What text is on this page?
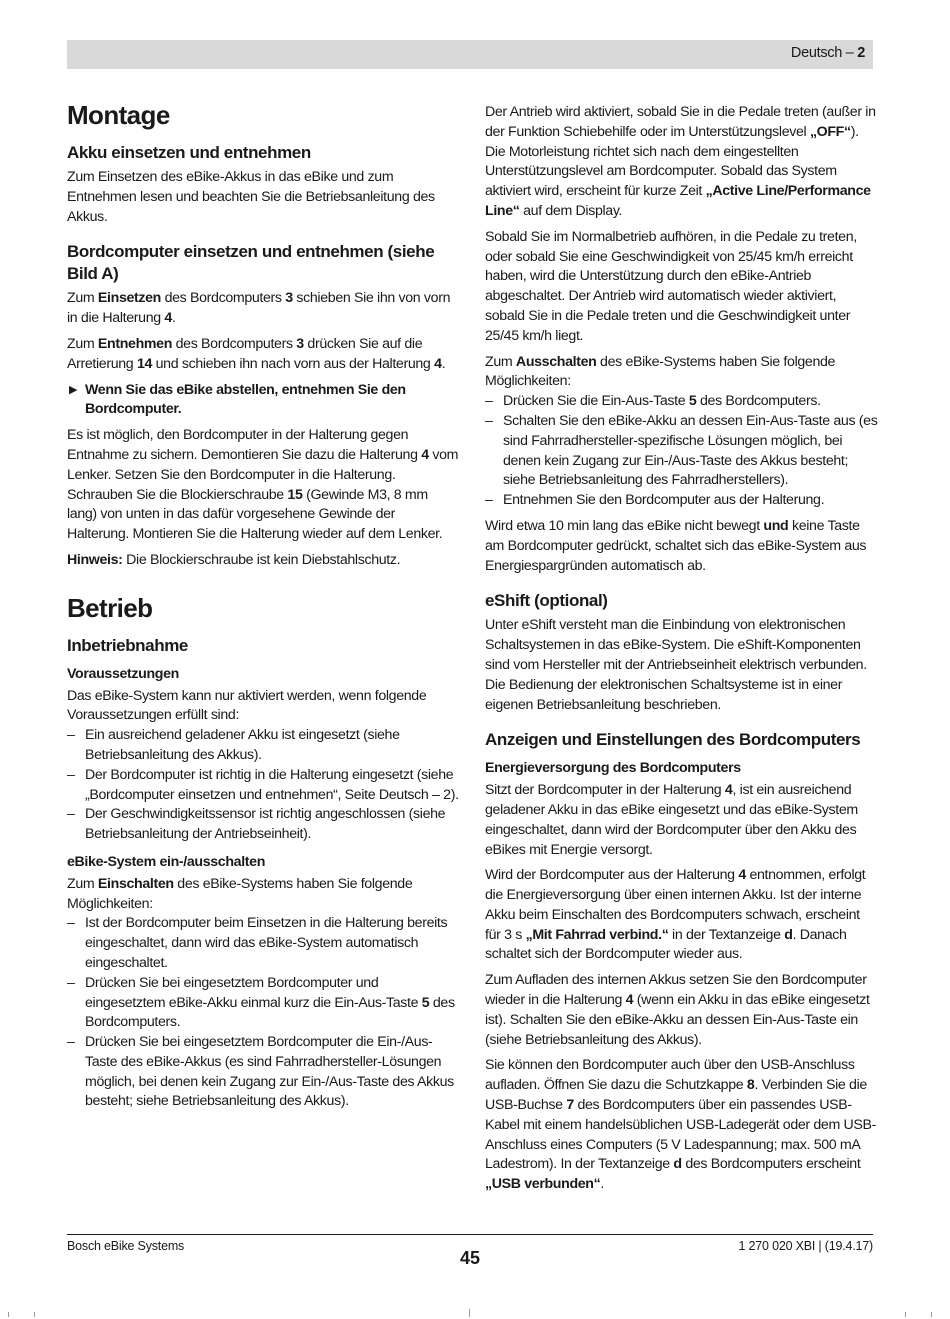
Deutsch – 2
Montage
Akku einsetzen und entnehmen

Zum Einsetzen des eBike-Akkus in das eBike und zum Entnehmen lesen und beachten Sie die Betriebsanleitung des Akkus.

Bordcomputer einsetzen und entnehmen (siehe Bild A)

Zum Einsetzen des Bordcomputers 3 schieben Sie ihn von vorn in die Halterung 4.

Zum Entnehmen des Bordcomputers 3 drücken Sie auf die Arretierung 14 und schieben ihn nach vorn aus der Halterung 4.

▶ Wenn Sie das eBike abstellen, entnehmen Sie den Bordcomputer.

Es ist möglich, den Bordcomputer in der Halterung gegen Entnahme zu sichern. Demontieren Sie dazu die Halterung 4 vom Lenker. Setzen Sie den Bordcomputer in die Halterung. Schrauben Sie die Blockierschraube 15 (Gewinde M3, 8 mm lang) von unten in das dafür vorgesehene Gewinde der Halterung. Montieren Sie die Halterung wieder auf dem Lenker.

Hinweis: Die Blockierschraube ist kein Diebstahlschutz.

Betrieb
Inbetriebnahme
Voraussetzungen

Das eBike-System kann nur aktiviert werden, wenn folgende Voraussetzungen erfüllt sind:

– Ein ausreichend geladener Akku ist eingesetzt (siehe Betriebsanleitung des Akkus).
– Der Bordcomputer ist richtig in die Halterung eingesetzt (siehe „Bordcomputer einsetzen und entnehmen“, Seite Deutsch – 2).
– Der Geschwindigkeitssensor ist richtig angeschlossen (siehe Betriebsanleitung der Antriebseinheit).
eBike-System ein-/ausschalten

Zum Einschalten des eBike-Systems haben Sie folgende Möglichkeiten:

– Ist der Bordcomputer beim Einsetzen in die Halterung bereits eingeschaltet, dann wird das eBike-System automatisch eingeschaltet.
– Drücken Sie bei eingesetztem Bordcomputer und eingesetztem eBike-Akku einmal kurz die Ein-Aus-Taste 5 des Bordcomputers.
– Drücken Sie bei eingesetztem Bordcomputer die Ein-/Aus-Taste des eBike-Akkus (es sind Fahrradhersteller-Lösungen möglich, bei denen kein Zugang zur Ein-/Aus-Taste des Akkus besteht; siehe Betriebsanleitung des Akkus).

Der Antrieb wird aktiviert, sobald Sie in die Pedale treten (außer in der Funktion Schiebehilfe oder im Unterstützungslevel „OFF“). Die Motorleistung richtet sich nach dem eingestellten Unterstützungslevel am Bordcomputer. Sobald das System aktiviert wird, erscheint für kurze Zeit „Active Line/Performance Line“ auf dem Display.

Sobald Sie im Normalbetrieb aufhören, in die Pedale zu treten, oder sobald Sie eine Geschwindigkeit von 25/45 km/h erreicht haben, wird die Unterstützung durch den eBike-Antrieb abgeschaltet. Der Antrieb wird automatisch wieder aktiviert, sobald Sie in die Pedale treten und die Geschwindigkeit unter 25/45 km/h liegt.

Zum Ausschalten des eBike-Systems haben Sie folgende Möglichkeiten:

– Drücken Sie die Ein-Aus-Taste 5 des Bordcomputers.
– Schalten Sie den eBike-Akku an dessen Ein-Aus-Taste aus (es sind Fahrradhersteller-spezifische Lösungen möglich, bei denen kein Zugang zur Ein-/Aus-Taste des Akkus besteht; siehe Betriebsanleitung des Fahrradherstellers).
– Entnehmen Sie den Bordcomputer aus der Halterung.

Wird etwa 10 min lang das eBike nicht bewegt und keine Taste am Bordcomputer gedrückt, schaltet sich das eBike-System aus Energiespargründen automatisch ab.

eShift (optional)

Unter eShift versteht man die Einbindung von elektronischen Schaltsystemen in das eBike-System. Die eShift-Komponenten sind vom Hersteller mit der Antriebseinheit elektrisch verbunden. Die Bedienung der elektronischen Schaltsysteme ist in einer eigenen Betriebsanleitung beschrieben.

Anzeigen und Einstellungen des Bordcomputers
Energieversorgung des Bordcomputers

Sitzt der Bordcomputer in der Halterung 4, ist ein ausreichend geladener Akku in das eBike eingesetzt und das eBike-System eingeschaltet, dann wird der Bordcomputer über den Akku des eBikes mit Energie versorgt.

Wird der Bordcomputer aus der Halterung 4 entnommen, erfolgt die Energieversorgung über einen internen Akku. Ist der interne Akku beim Einschalten des Bordcomputers schwach, erscheint für 3 s „Mit Fahrrad verbind.“ in der Textanzeige d. Danach schaltet sich der Bordcomputer wieder aus.

Zum Aufladen des internen Akkus setzen Sie den Bordcomputer wieder in die Halterung 4 (wenn ein Akku in das eBike eingesetzt ist). Schalten Sie den eBike-Akku an dessen Ein-Aus-Taste ein (siehe Betriebsanleitung des Akkus).

Sie können den Bordcomputer auch über den USB-Anschluss aufladen. Öffnen Sie dazu die Schutzkappe 8. Verbinden Sie die USB-Buchse 7 des Bordcomputers über ein passendes USB-Kabel mit einem handelsüblichen USB-Ladegerät oder dem USB-Anschluss eines Computers (5 V Ladespannung; max. 500 mA Ladestrom). In der Textanzeige d des Bordcomputers erscheint „USB verbunden“.

Bosch eBike Systems	1 270 020 XBI | (19.4.17)
45
